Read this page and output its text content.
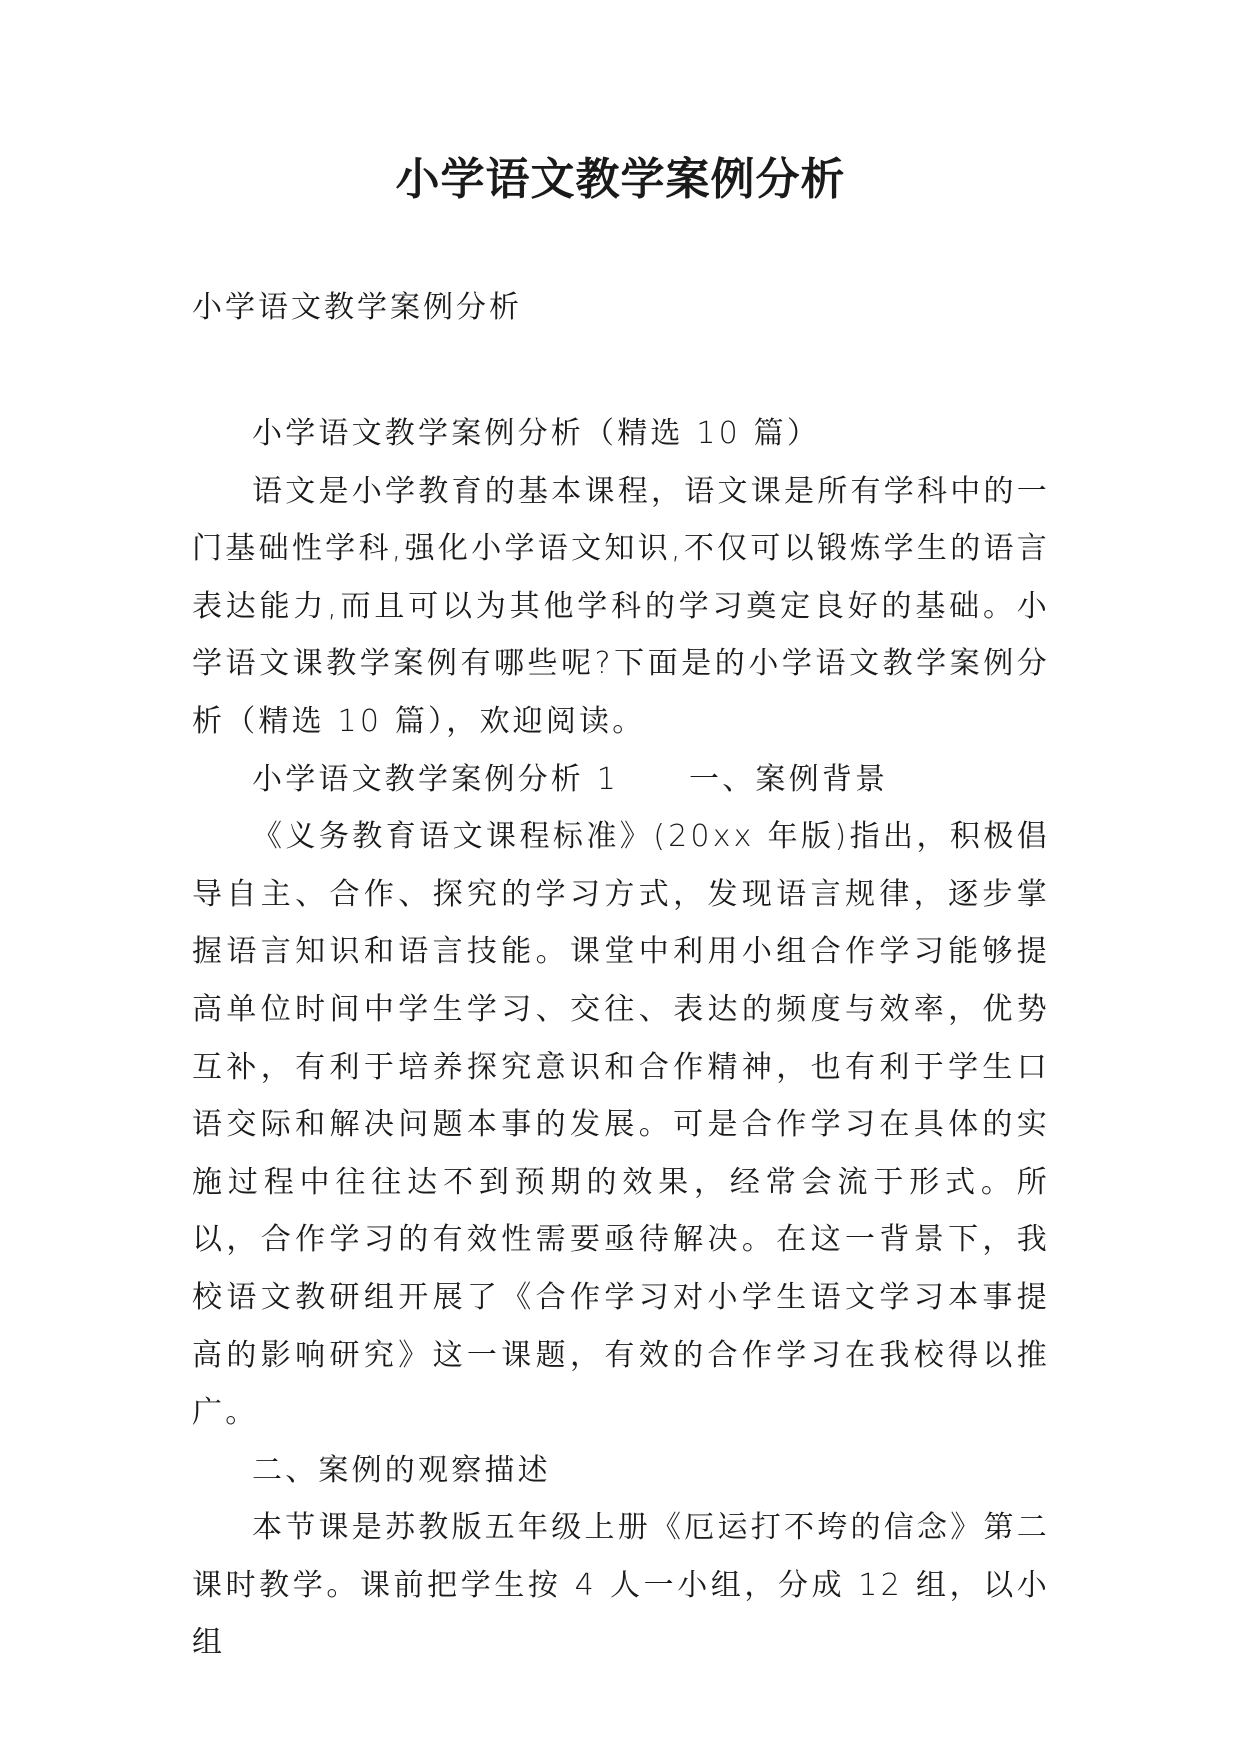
小学语文教学案例分析
小学语文教学案例分析

小学语文教学案例分析（精选 10 篇）

语文是小学教育的基本课程，语文课是所有学科中的一门基础性学科,强化小学语文知识,不仅可以锻炼学生的语言表达能力,而且可以为其他学科的学习奠定良好的基础。小学语文课教学案例有哪些呢?下面是的小学语文教学案例分析（精选 10 篇），欢迎阅读。

小学语文教学案例分析 1 一、案例背景

《义务教育语文课程标准》(20xx 年版)指出，积极倡导自主、合作、探究的学习方式，发现语言规律，逐步掌握语言知识和语言技能。课堂中利用小组合作学习能够提高单位时间中学生学习、交往、表达的频度与效率，优势互补，有利于培养探究意识和合作精神，也有利于学生口语交际和解决问题本事的发展。可是合作学习在具体的实施过程中往往达不到预期的效果，经常会流于形式。所以，合作学习的有效性需要亟待解决。在这一背景下，我校语文教研组开展了《合作学习对小学生语文学习本事提高的影响研究》这一课题，有效的合作学习在我校得以推广。

二、案例的观察描述

本节课是苏教版五年级上册《厄运打不垮的信念》第二课时教学。课前把学生按 4 人一小组，分成 12 组，以小组
